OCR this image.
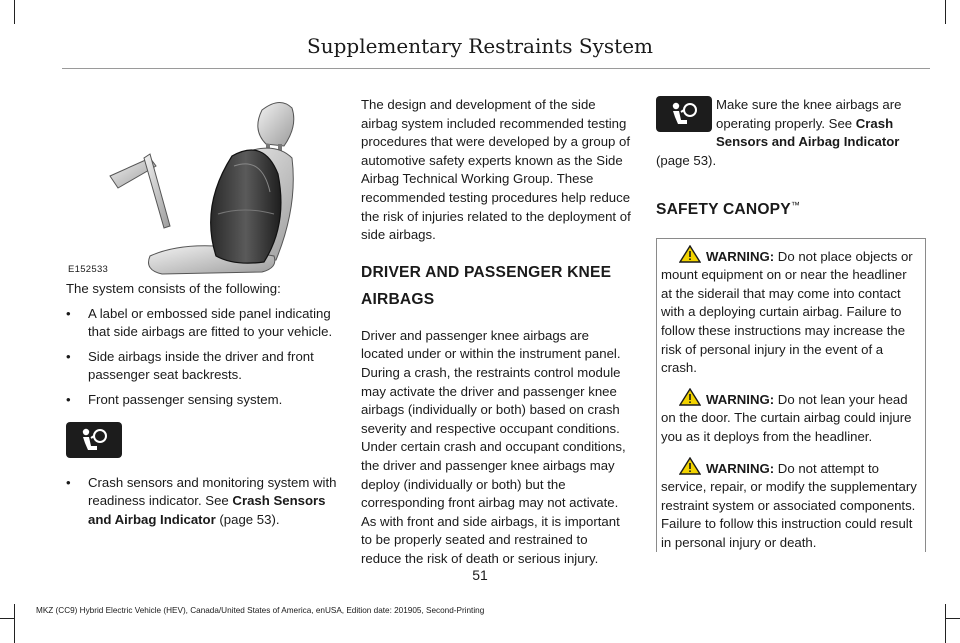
Supplementary Restraints System
E152533

The system consists of the following:

• A label or embossed side panel indicating that side airbags are fitted to your vehicle.
• Side airbags inside the driver and front passenger seat backrests.
• Front passenger sensing system.
• Crash sensors and monitoring system with readiness indicator. See Crash Sensors and Airbag Indicator (page 53).

The design and development of the side airbag system included recommended testing procedures that were developed by a group of automotive safety experts known as the Side Airbag Technical Working Group. These recommended testing procedures help reduce the risk of injuries related to the deployment of side airbags.

DRIVER AND PASSENGER KNEE AIRBAGS

Driver and passenger knee airbags are located under or within the instrument panel. During a crash, the restraints control module may activate the driver and passenger knee airbags (individually or both) based on crash severity and respective occupant conditions. Under certain crash and occupant conditions, the driver and passenger knee airbags may deploy (individually or both) but the corresponding front airbag may not activate. As with front and side airbags, it is important to be properly seated and restrained to reduce the risk of death or serious injury.

Make sure the knee airbags are operating properly. See Crash Sensors and Airbag Indicator

(page 53).

SAFETY CANOPY™
WARNING: Do not place objects or mount equipment on or near the headliner at the siderail that may come into contact with a deploying curtain airbag. Failure to follow these instructions may increase the risk of personal injury in the event of a crash.
WARNING: Do not lean your head on the door. The curtain airbag could injure you as it deploys from the headliner.
WARNING: Do not attempt to service, repair, or modify the supplementary restraint system or associated components. Failure to follow this instruction could result in personal injury or death.
51
MKZ (CC9) Hybrid Electric Vehicle (HEV), Canada/United States of America, enUSA, Edition date: 201905, Second-Printing
